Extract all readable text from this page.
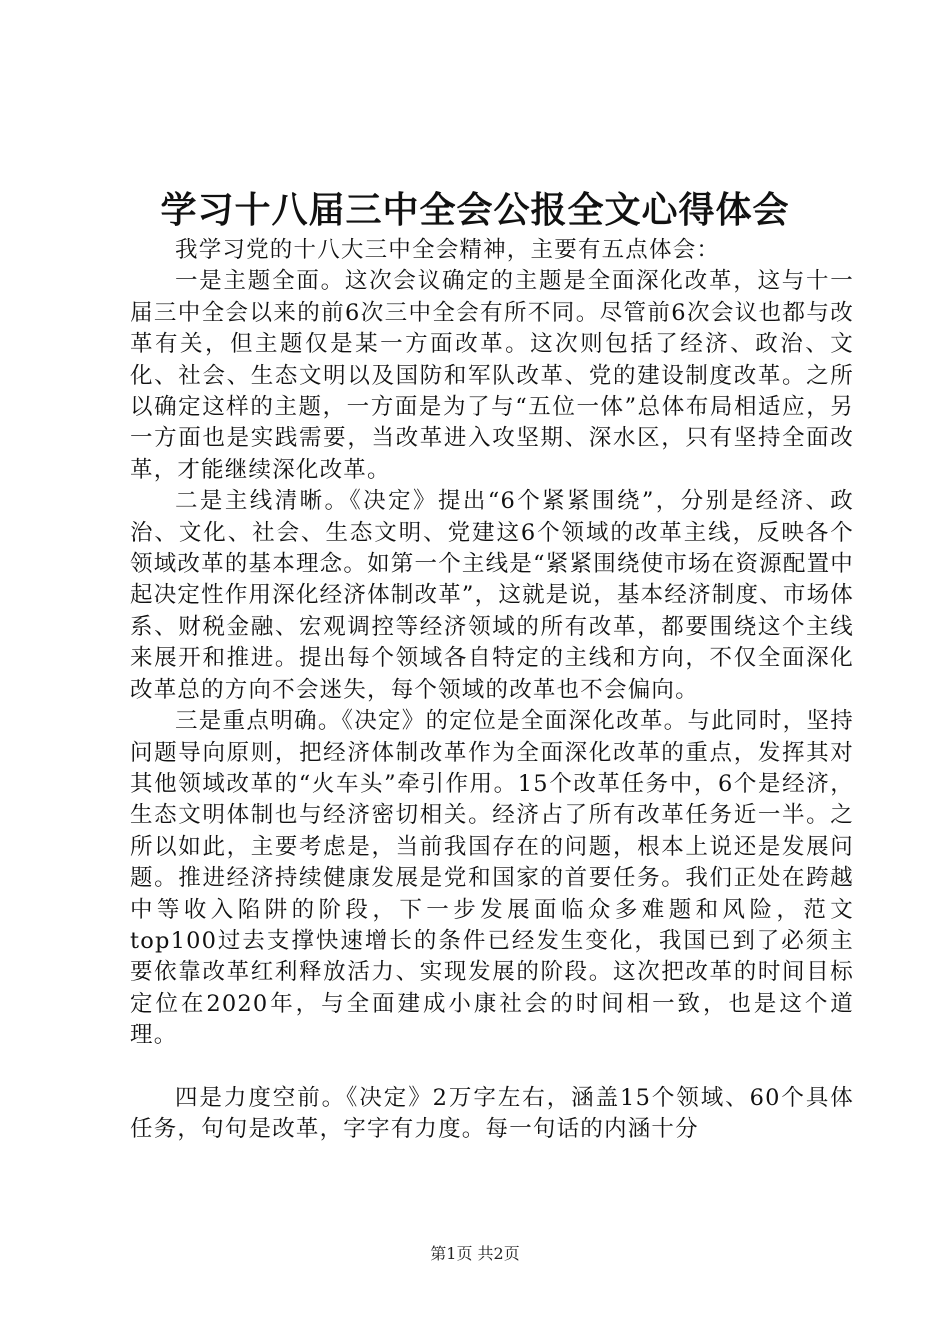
学习十八届三中全会公报全文心得体会

我学习党的十八大三中全会精神，主要有五点体会：

一是主题全面。这次会议确定的主题是全面深化改革，这与十一届三中全会以来的前6次三中全会有所不同。尽管前6次会议也都与改革有关，但主题仅是某一方面改革。这次则包括了经济、政治、文化、社会、生态文明以及国防和军队改革、党的建设制度改革。之所以确定这样的主题，一方面是为了与“五位一体”总体布局相适应，另一方面也是实践需要，当改革进入攻坚期、深水区，只有坚持全面改革，才能继续深化改革。

二是主线清晰。《决定》提出“6个紧紧围绕”，分别是经济、政治、文化、社会、生态文明、党建这6个领域的改革主线，反映各个领域改革的基本理念。如第一个主线是“紧紧围绕使市场在资源配置中起决定性作用深化经济体制改革”，这就是说，基本经济制度、市场体系、财税金融、宏观调控等经济领域的所有改革，都要围绕这个主线来展开和推进。提出每个领域各自特定的主线和方向，不仅全面深化改革总的方向不会迷失，每个领域的改革也不会偏向。

三是重点明确。《决定》的定位是全面深化改革。与此同时，坚持问题导向原则，把经济体制改革作为全面深化改革的重点，发挥其对其他领域改革的“火车头”牵引作用。15个改革任务中，6个是经济，生态文明体制也与经济密切相关。经济占了所有改革任务近一半。之所以如此，主要考虑是，当前我国存在的问题，根本上说还是发展问题。推进经济持续健康发展是党和国家的首要任务。我们正处在跨越中等收入陷阱的阶段，下一步发展面临众多难题和风险，范文top100过去支撑快速增长的条件已经发生变化，我国已到了必须主要依靠改革红利释放活力、实现发展的阶段。这次把改革的时间目标定位在2020年，与全面建成小康社会的时间相一致，也是这个道理。

四是力度空前。《决定》2万字左右，涵盖15个领域、60个具体任务，句句是改革，字字有力度。每一句话的内涵十分

第1页 共2页
